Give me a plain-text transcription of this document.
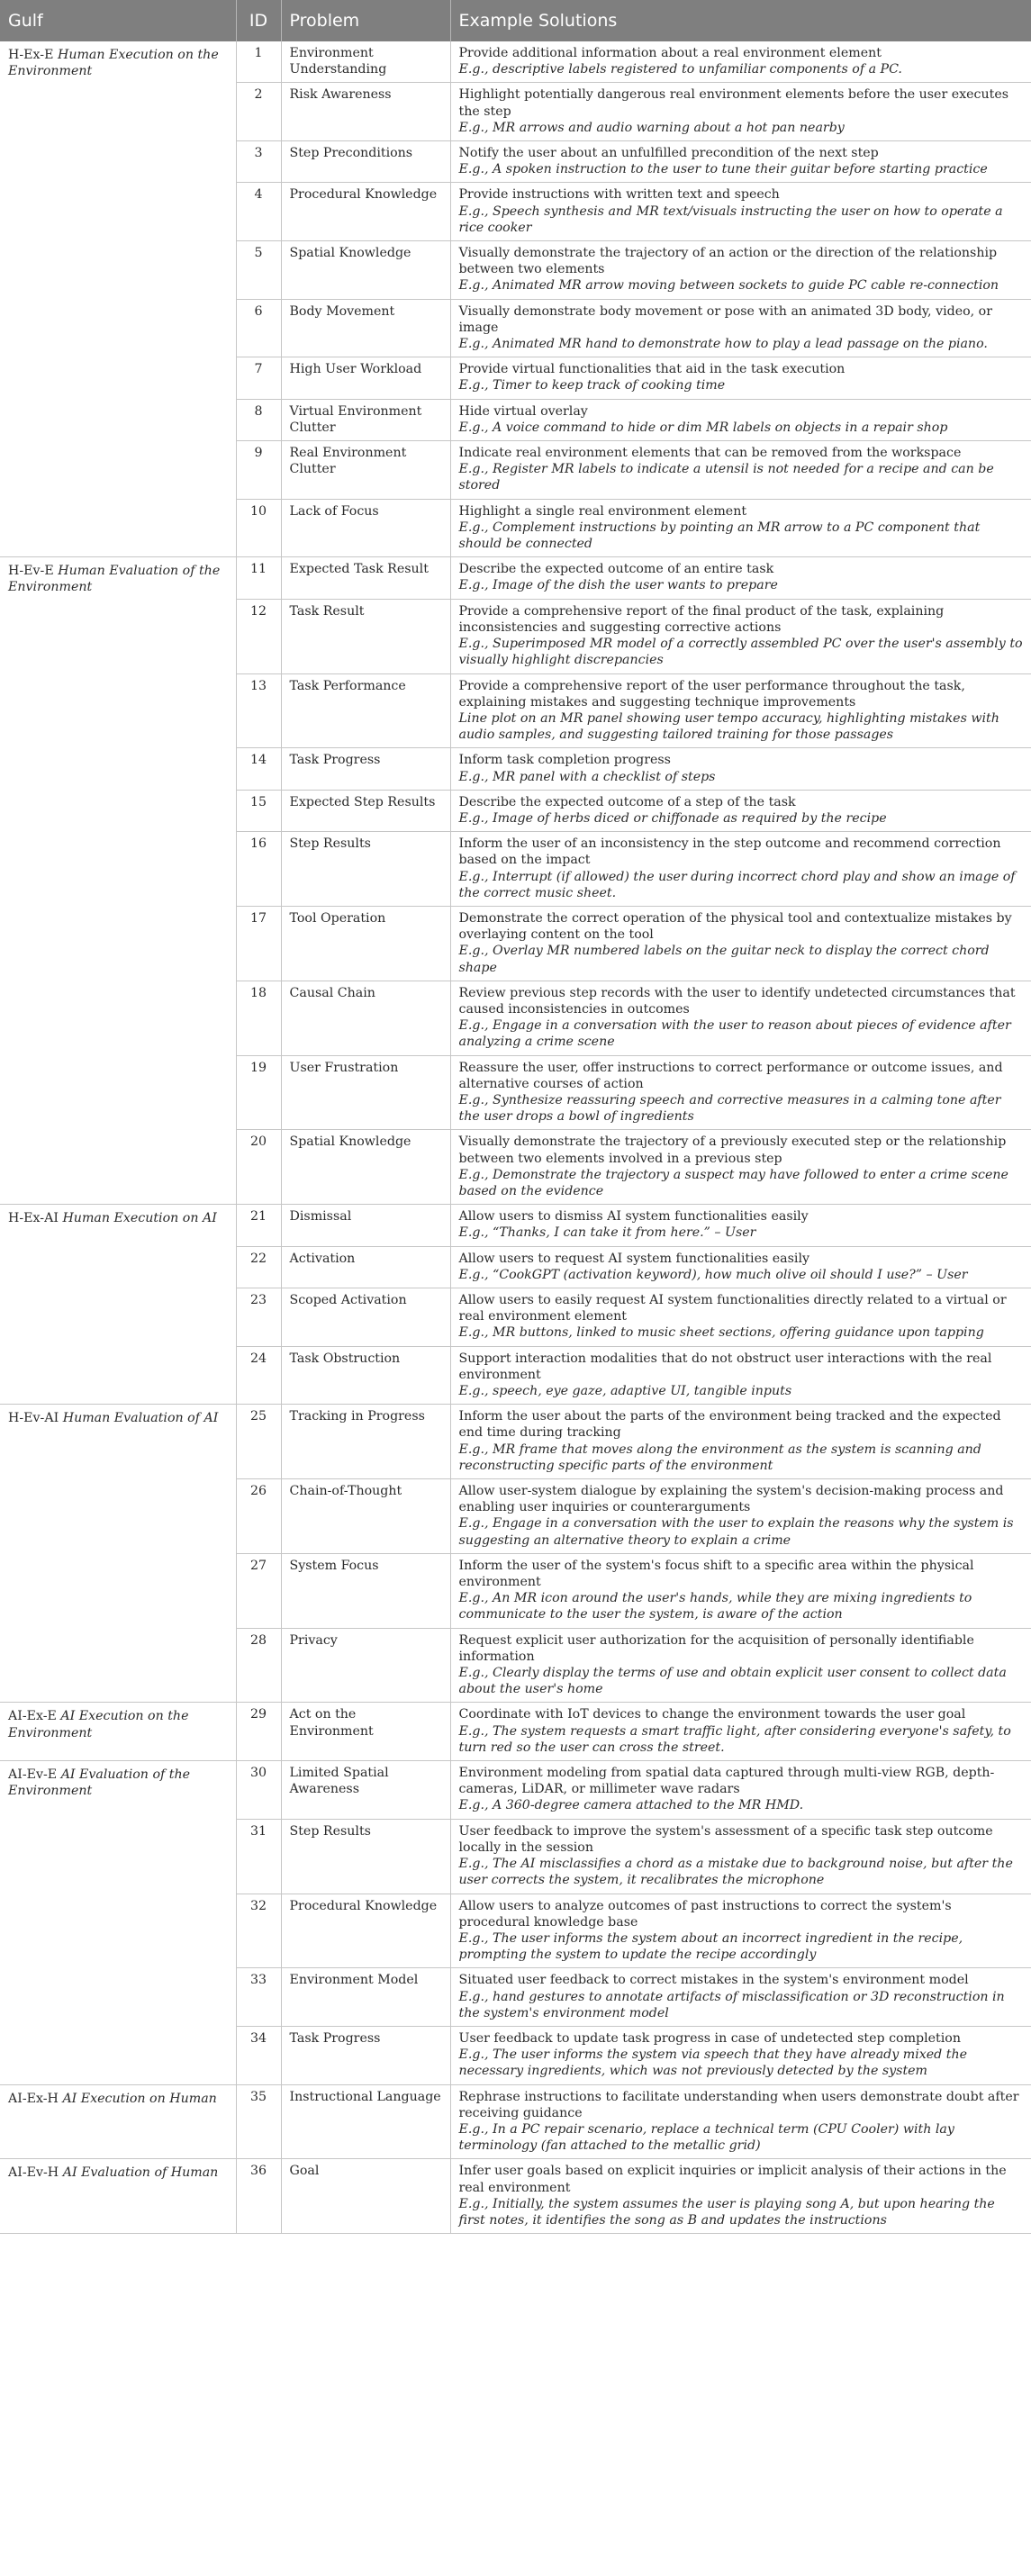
Gulf	ID	Problem	Example Solutions
H-Ex-E Human Execution on the Environment	1	Environment Understanding	Provide additional information about a real environment element
E.g., descriptive labels registered to unfamiliar components of a PC.

	2	Risk Awareness	Highlight potentially dangerous real environment elements before the user executes the step
E.g., MR arrows and audio warning about a hot pan nearby

	3	Step Preconditions	Notify the user about an unfulfilled precondition of the next step
E.g., A spoken instruction to the user to tune their guitar before starting practice

	4	Procedural Knowledge	Provide instructions with written text and speech
E.g., Speech synthesis and MR text/visuals instructing the user on how to operate a rice cooker

	5	Spatial Knowledge	Visually demonstrate the trajectory of an action or the direction of the relationship between two elements
E.g., Animated MR arrow moving between sockets to guide PC cable re-connection

	6	Body Movement	Visually demonstrate body movement or pose with an animated 3D body, video, or image
E.g., Animated MR hand to demonstrate how to play a lead passage on the piano.

	7	High User Workload	Provide virtual functionalities that aid in the task execution
E.g., Timer to keep track of cooking time

	8	Virtual Environment Clutter	Hide virtual overlay
E.g., A voice command to hide or dim MR labels on objects in a repair shop

	9	Real Environment Clutter	Indicate real environment elements that can be removed from the workspace
E.g., Register MR labels to indicate a utensil is not needed for a recipe and can be stored

	10	Lack of Focus	Highlight a single real environment element
E.g., Complement instructions by pointing an MR arrow to a PC component that should be connected

H-Ev-E Human Evaluation of the Environment	11	Expected Task Result	Describe the expected outcome of an entire task
E.g., Image of the dish the user wants to prepare

	12	Task Result	Provide a comprehensive report of the final product of the task, explaining inconsistencies and suggesting corrective actions
E.g., Superimposed MR model of a correctly assembled PC over the user's assembly to visually highlight discrepancies

	13	Task Performance	Provide a comprehensive report of the user performance throughout the task, explaining mistakes and suggesting technique improvements
Line plot on an MR panel showing user tempo accuracy, highlighting mistakes with audio samples, and suggesting tailored training for those passages

	14	Task Progress	Inform task completion progress
E.g., MR panel with a checklist of steps

	15	Expected Step Results	Describe the expected outcome of a step of the task
E.g., Image of herbs diced or chiffonade as required by the recipe

	16	Step Results	Inform the user of an inconsistency in the step outcome and recommend correction based on the impact
E.g., Interrupt (if allowed) the user during incorrect chord play and show an image of the correct music sheet.

	17	Tool Operation	Demonstrate the correct operation of the physical tool and contextualize mistakes by overlaying content on the tool
E.g., Overlay MR numbered labels on the guitar neck to display the correct chord shape

	18	Causal Chain	Review previous step records with the user to identify undetected circumstances that caused inconsistencies in outcomes
E.g., Engage in a conversation with the user to reason about pieces of evidence after analyzing a crime scene

	19	User Frustration	Reassure the user, offer instructions to correct performance or outcome issues, and alternative courses of action
E.g., Synthesize reassuring speech and corrective measures in a calming tone after the user drops a bowl of ingredients

	20	Spatial Knowledge	Visually demonstrate the trajectory of a previously executed step or the relationship between two elements involved in a previous step
E.g., Demonstrate the trajectory a suspect may have followed to enter a crime scene based on the evidence

H-Ex-AI Human Execution on AI	21	Dismissal	Allow users to dismiss AI system functionalities easily
E.g., “Thanks, I can take it from here.” – User

	22	Activation	Allow users to request AI system functionalities easily
E.g., “CookGPT (activation keyword), how much olive oil should I use?” – User

	23	Scoped Activation	Allow users to easily request AI system functionalities directly related to a virtual or real environment element
E.g., MR buttons, linked to music sheet sections, offering guidance upon tapping

	24	Task Obstruction	Support interaction modalities that do not obstruct user interactions with the real environment
E.g., speech, eye gaze, adaptive UI, tangible inputs

H-Ev-AI Human Evaluation of AI	25	Tracking in Progress	Inform the user about the parts of the environment being tracked and the expected end time during tracking
E.g., MR frame that moves along the environment as the system is scanning and reconstructing specific parts of the environment

	26	Chain-of-Thought	Allow user-system dialogue by explaining the system's decision-making process and enabling user inquiries or counterarguments
E.g., Engage in a conversation with the user to explain the reasons why the system is suggesting an alternative theory to explain a crime

	27	System Focus	Inform the user of the system's focus shift to a specific area within the physical environment
E.g., An MR icon around the user's hands, while they are mixing ingredients to communicate to the user the system, is aware of the action

	28	Privacy	Request explicit user authorization for the acquisition of personally identifiable information
E.g., Clearly display the terms of use and obtain explicit user consent to collect data about the user's home

AI-Ex-E AI Execution on the Environment	29	Act on the Environment	Coordinate with IoT devices to change the environment towards the user goal
E.g., The system requests a smart traffic light, after considering everyone's safety, to turn red so the user can cross the street.

AI-Ev-E AI Evaluation of the Environment	30	Limited Spatial Awareness	Environment modeling from spatial data captured through multi-view RGB, depth-cameras, LiDAR, or millimeter wave radars
E.g., A 360-degree camera attached to the MR HMD.

	31	Step Results	User feedback to improve the system's assessment of a specific task step outcome locally in the session
E.g., The AI misclassifies a chord as a mistake due to background noise, but after the user corrects the system, it recalibrates the microphone

	32	Procedural Knowledge	Allow users to analyze outcomes of past instructions to correct the system's procedural knowledge base
E.g., The user informs the system about an incorrect ingredient in the recipe, prompting the system to update the recipe accordingly

	33	Environment Model	Situated user feedback to correct mistakes in the system's environment model
E.g., hand gestures to annotate artifacts of misclassification or 3D reconstruction in the system's environment model

	34	Task Progress	User feedback to update task progress in case of undetected step completion
E.g., The user informs the system via speech that they have already mixed the necessary ingredients, which was not previously detected by the system

AI-Ex-H AI Execution on Human	35	Instructional Language	Rephrase instructions to facilitate understanding when users demonstrate doubt after receiving guidance
E.g., In a PC repair scenario, replace a technical term (CPU Cooler) with lay terminology (fan attached to the metallic grid)

AI-Ev-H AI Evaluation of Human	36	Goal	Infer user goals based on explicit inquiries or implicit analysis of their actions in the real environment
E.g., Initially, the system assumes the user is playing song A, but upon hearing the first notes, it identifies the song as B and updates the instructions
